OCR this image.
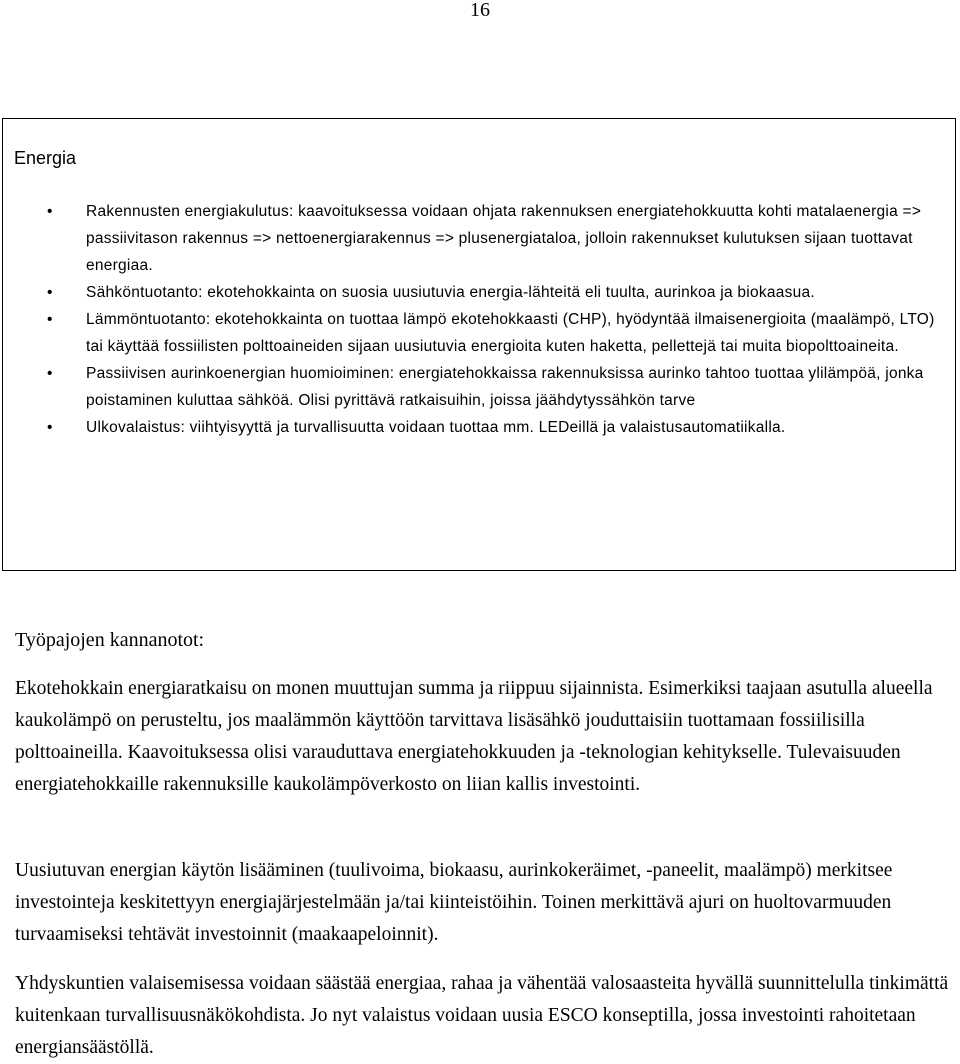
16
Energia
• Rakennusten energiakulutus: kaavoituksessa voidaan ohjata rakennuksen energiatehokkuutta kohti matalaenergia => passiivitason rakennus => nettoenergiarakennus => plusenergiataloa, jolloin rakennukset kulutuksen sijaan tuottavat energiaa.
• Sähköntuotanto: ekotehokkainta on suosia uusiutuvia energia-lähteitä eli tuulta, aurinkoa ja biokaasua.
• Lämmöntuotanto: ekotehokkainta on tuottaa lämpö ekotehokkaasti (CHP), hyödyntää ilmaisenergioita (maalämpö, LTO) tai käyttää fossiilisten polttoaineiden sijaan uusiutuvia energioita kuten haketta, pellettejä tai muita biopolttoaineita.
• Passiivisen aurinkoenergian huomioiminen: energiatehokkaissa rakennuksissa aurinko tahtoo tuottaa ylilämpöä, jonka poistaminen kuluttaa sähköä. Olisi pyrittävä ratkaisuihin, joissa jäähdytyssähkön tarve
• Ulkovalaistus: viihtyisyyttä ja turvallisuutta voidaan tuottaa mm. LEDeillä ja valaistusautomatiikalla.
Työpajojen kannanotot:

Ekotehokkain energiaratkaisu on monen muuttujan summa ja riippuu sijainnista. Esimerkiksi taajaan asutulla alueella kaukolämpö on perusteltu, jos maalämmön käyttöön tarvittava lisäsähkö jouduttaisiin tuottamaan fossiilisilla polttoaineilla. Kaavoituksessa olisi varauduttava energiatehokkuuden ja -teknologian kehitykselle. Tulevaisuuden energiatehokkaille rakennuksille kaukolämpöverkosto on liian kallis investointi.

Uusiutuvan energian käytön lisääminen (tuulivoima, biokaasu, aurinkokeräimet, -paneelit, maalämpö) merkitsee investointeja keskitettyyn energiajärjestelmään ja/tai kiinteistöihin. Toinen merkittävä ajuri on huoltovarmuuden turvaamiseksi tehtävät investoinnit (maakaapeloinnit).

Yhdyskuntien valaisemisessa voidaan säästää energiaa, rahaa ja vähentää valosaasteita hyvällä suunnittelulla tinkimättä kuitenkaan turvallisuusnäkökohdista. Jo nyt valaistus voidaan uusia ESCO konseptilla, jossa investointi rahoitetaan energiansäästöllä.
